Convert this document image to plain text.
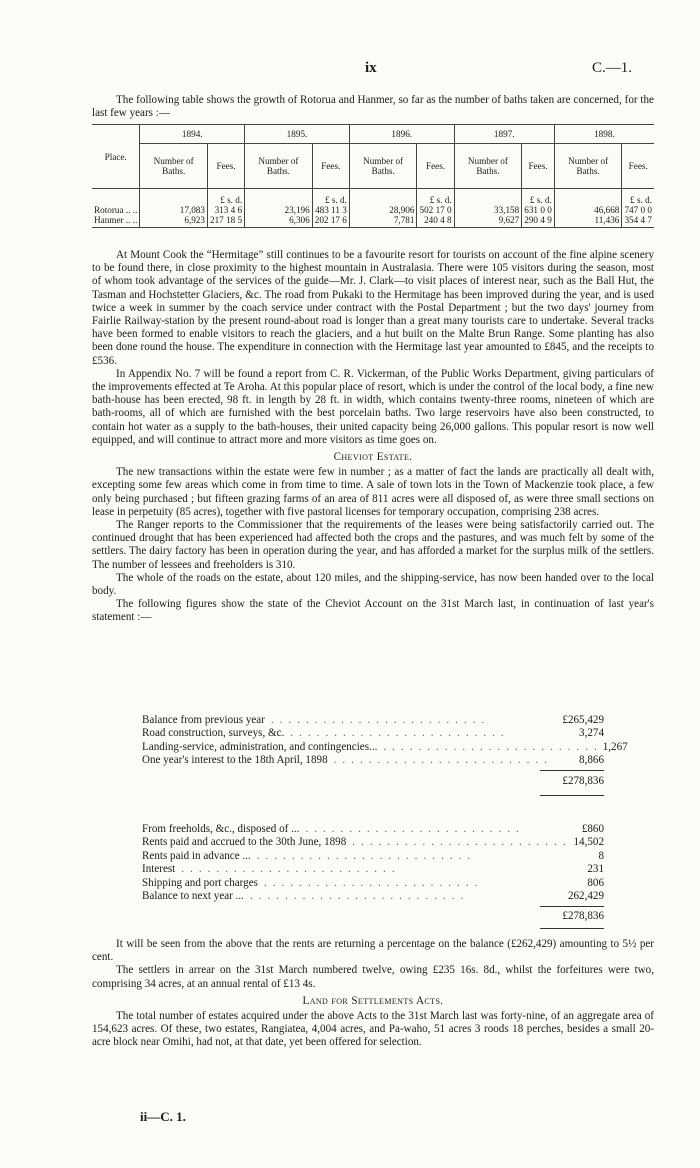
ix	C.—1.

The following table shows the growth of Rotorua and Hanmer, so far as the number of baths taken are concerned, for the last few years :—

Place.	1894.		1895.		1896.		1897.		1898.	
	Number of Baths.	Fees.	Number of Baths.	Fees.	Number of Baths.	Fees.	Number of Baths.	Fees.	Number of Baths.	Fees.
		£ s. d.		£ s. d.		£ s. d.		£ s. d.		£ s. d.
Rotorua .. ..	17,083	313 4 6	23,196	483 11 3	28,906	502 17 0	33,158	631 0 0	46,668	747 0 0
Hanmer .. ..	6,923	217 18 5	6,306	202 17 6	7,781	240 4 8	9,627	290 4 9	11,436	354 4 7

At Mount Cook the “Hermitage” still continues to be a favourite resort for tourists on account of the fine alpine scenery to be found there, in close proximity to the highest mountain in Australasia. There were 105 visitors during the season, most of whom took advantage of the services of the guide—Mr. J. Clark—to visit places of interest near, such as the Ball Hut, the Tasman and Hochstetter Glaciers, &c. The road from Pukaki to the Hermitage has been improved during the year, and is used twice a week in summer by the coach service under contract with the Postal Department ; but the two days' journey from Fairlie Railway-station by the present round-about road is longer than a great many tourists care to undertake. Several tracks have been formed to enable visitors to reach the glaciers, and a hut built on the Malte Brun Range. Some planting has also been done round the house. The expenditure in connection with the Hermitage last year amounted to £845, and the receipts to £536.

In Appendix No. 7 will be found a report from C. R. Vickerman, of the Public Works Department, giving particulars of the improvements effected at Te Aroha. At this popular place of resort, which is under the control of the local body, a fine new bath-house has been erected, 98 ft. in length by 28 ft. in width, which contains twenty-three rooms, nineteen of which are bath-rooms, all of which are furnished with the best porcelain baths. Two large reservoirs have also been constructed, to contain hot water as a supply to the bath-houses, their united capacity being 26,000 gallons. This popular resort is now well equipped, and will continue to attract more and more visitors as time goes on.

Cheviot Estate.

The new transactions within the estate were few in number ; as a matter of fact the lands are practically all dealt with, excepting some few areas which come in from time to time. A sale of town lots in the Town of Mackenzie took place, a few only being purchased ; but fifteen grazing farms of an area of 811 acres were all disposed of, as were three small sections on lease in perpetuity (85 acres), together with five pastoral licenses for temporary occupation, comprising 238 acres.

The Ranger reports to the Commissioner that the requirements of the leases were being satisfactorily carried out. The continued drought that has been experienced had affected both the crops and the pastures, and was much felt by some of the settlers. The dairy factory has been in operation during the year, and has afforded a market for the surplus milk of the settlers. The number of lessees and freeholders is 310.

The whole of the roads on the estate, about 120 miles, and the shipping-service, has now been handed over to the local body.

The following figures show the state of the Cheviot Account on the 31st March last, in continuation of last year's statement :—

Balance from previous year .........................	£265,429
Road construction, surveys, &c. .........................	3,274
Landing-service, administration, and contingencies... ......................... 1,267
One year's interest to the 18th April, 1898 .........................	8,866
£278,836
From freeholds, &c., disposed of ... .........................	£860
Rents paid and accrued to the 30th June, 1898 ......................... 14,502
Rents paid in advance ... .........................	8
Interest .........................	231
Shipping and port charges .........................	806
Balance to next year ... .........................	262,429
£278,836

It will be seen from the above that the rents are returning a percentage on the balance (£262,429) amounting to 5½ per cent.

The settlers in arrear on the 31st March numbered twelve, owing £235 16s. 8d., whilst the forfeitures were two, comprising 34 acres, at an annual rental of £13 4s.

Land for Settlements Acts.

The total number of estates acquired under the above Acts to the 31st March last was forty-nine, of an aggregate area of 154,623 acres. Of these, two estates, Rangiatea, 4,004 acres, and Pa-waho, 51 acres 3 roods 18 perches, besides a small 20-acre block near Omihi, had not, at that date, yet been offered for selection.

ii—C. 1.
